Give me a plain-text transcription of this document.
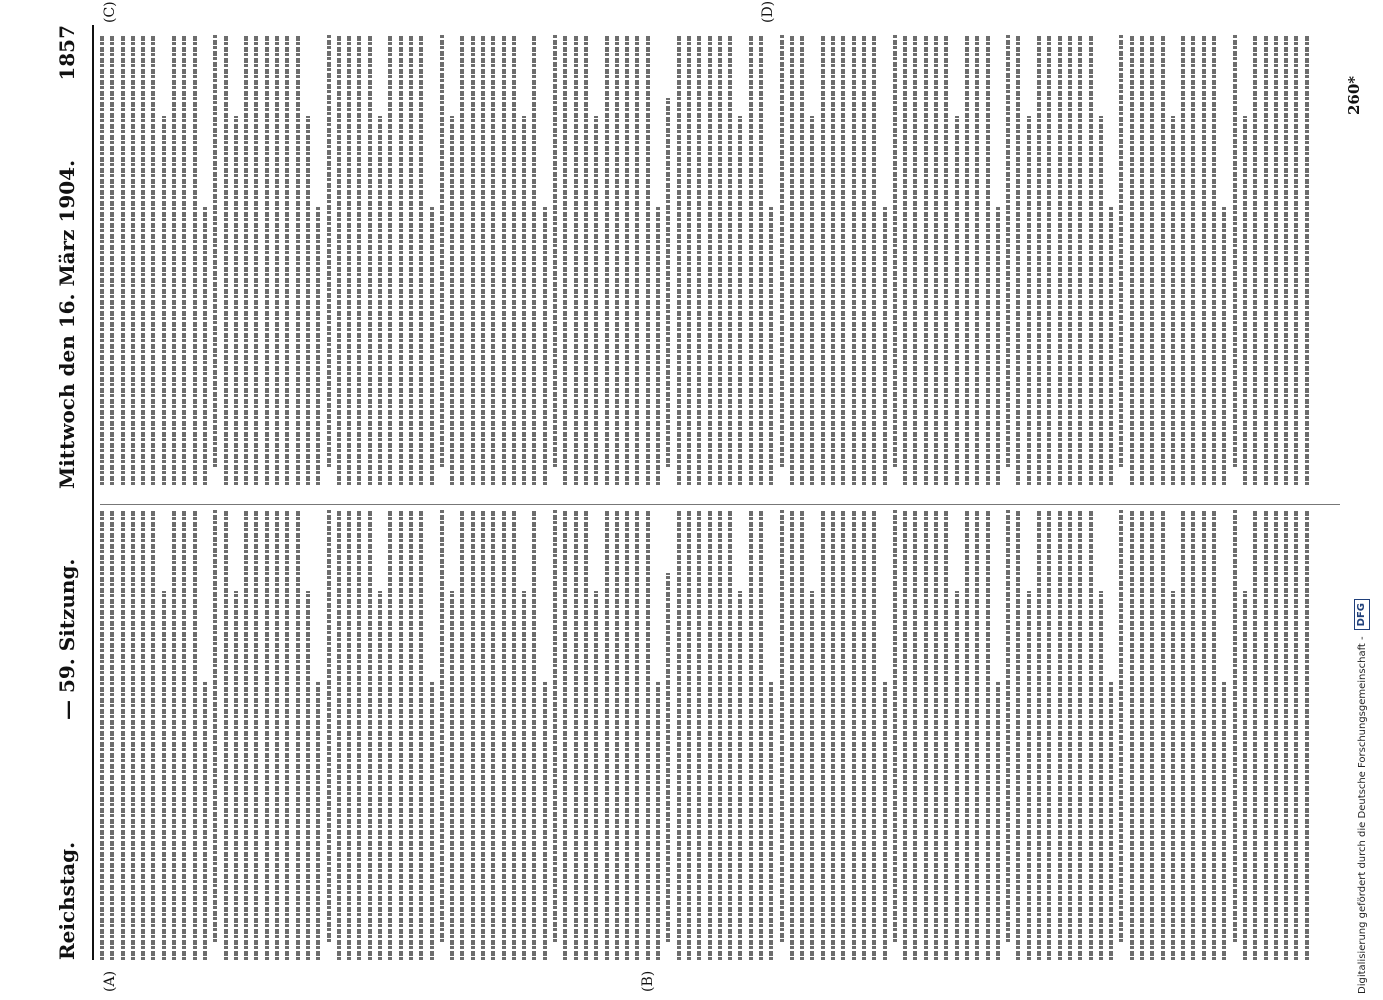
Reichstag.
— 59. Sitzung.          Mittwoch den 16. März 1904.
1857
(A)	(B)
(C)	(D)
260*
Digitalisierung gefördert durch die Deutsche Forschungsgemeinschaft -
DFG
